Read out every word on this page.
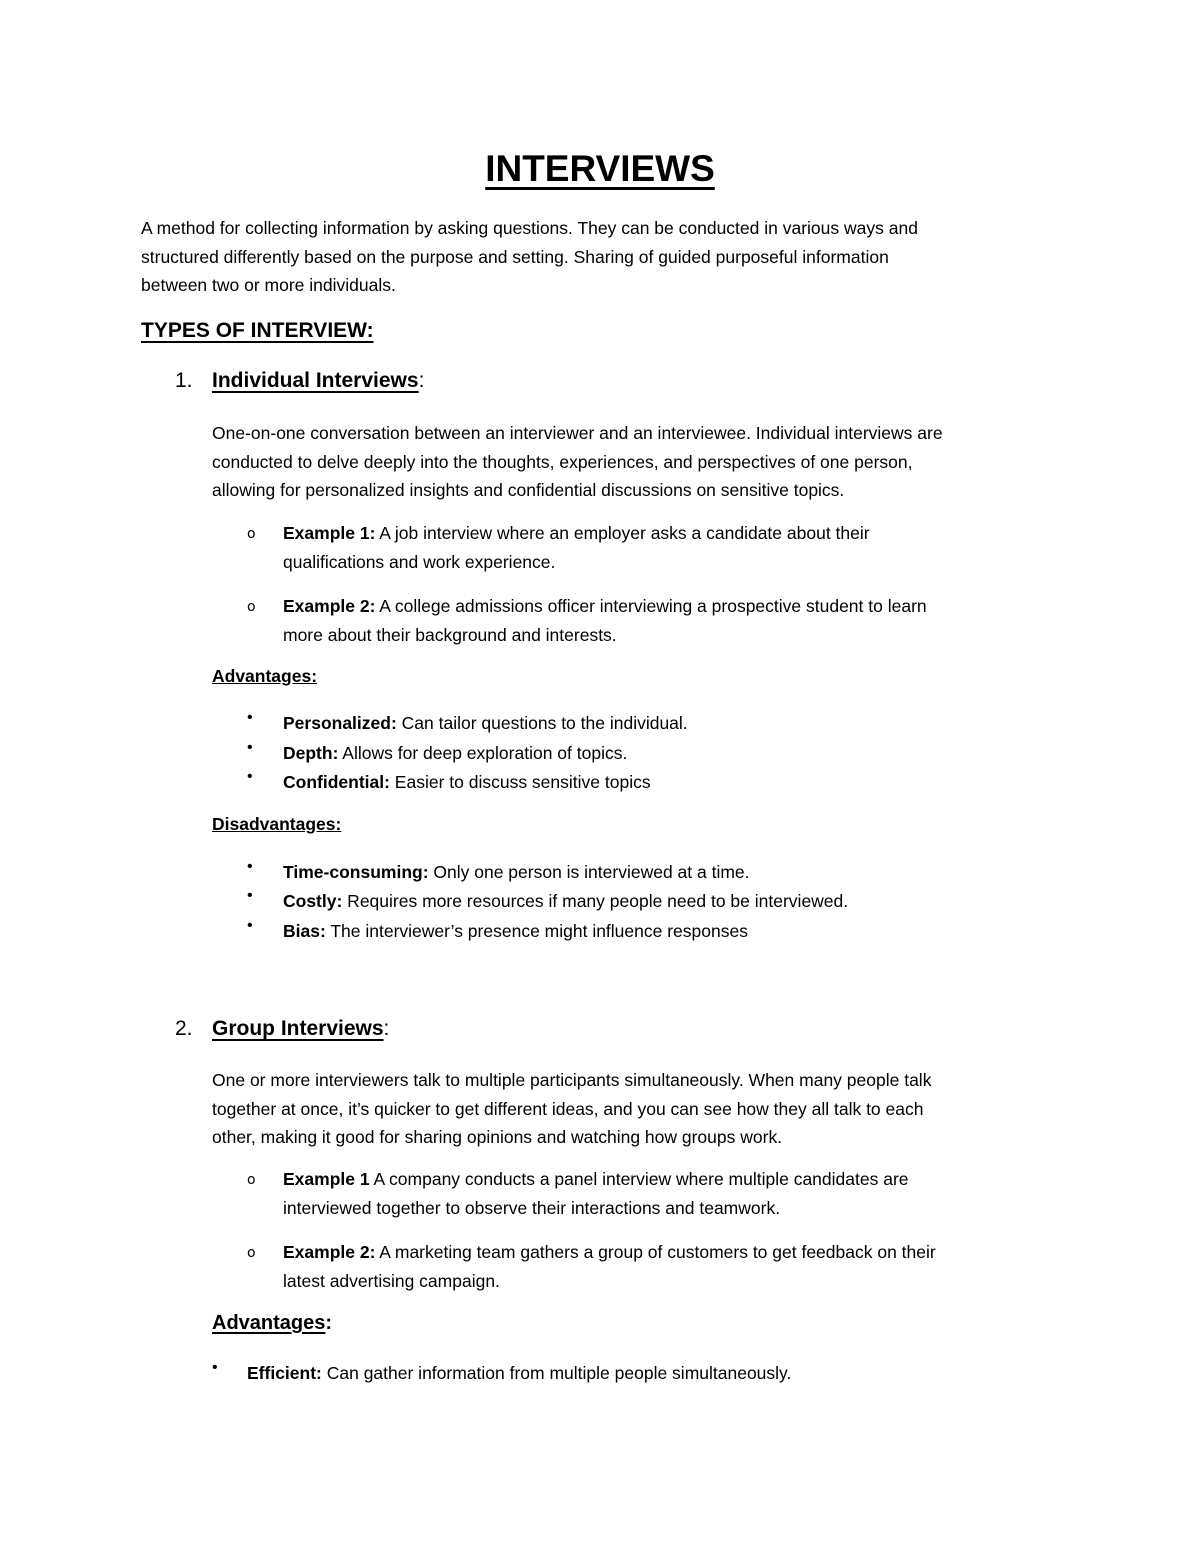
INTERVIEWS
A method for collecting information by asking questions. They can be conducted in various ways and
structured differently based on the purpose and setting. Sharing of guided purposeful information
between two or more individuals.
TYPES OF INTERVIEW:
1. Individual Interviews:
One-on-one conversation between an interviewer and an interviewee. Individual interviews are
conducted to delve deeply into the thoughts, experiences, and perspectives of one person,
allowing for personalized insights and confidential discussions on sensitive topics.
o Example 1: A job interview where an employer asks a candidate about their
qualifications and work experience.
o Example 2: A college admissions officer interviewing a prospective student to learn
more about their background and interests.
Advantages:
• Personalized: Can tailor questions to the individual.
• Depth: Allows for deep exploration of topics.
• Confidential: Easier to discuss sensitive topics
Disadvantages:
• Time-consuming: Only one person is interviewed at a time.
• Costly: Requires more resources if many people need to be interviewed.
• Bias: The interviewer’s presence might influence responses
2. Group Interviews:
One or more interviewers talk to multiple participants simultaneously. When many people talk
together at once, it’s quicker to get different ideas, and you can see how they all talk to each
other, making it good for sharing opinions and watching how groups work.
o Example 1 A company conducts a panel interview where multiple candidates are
interviewed together to observe their interactions and teamwork.
o Example 2: A marketing team gathers a group of customers to get feedback on their
latest advertising campaign.
Advantages:
• Efficient: Can gather information from multiple people simultaneously.
